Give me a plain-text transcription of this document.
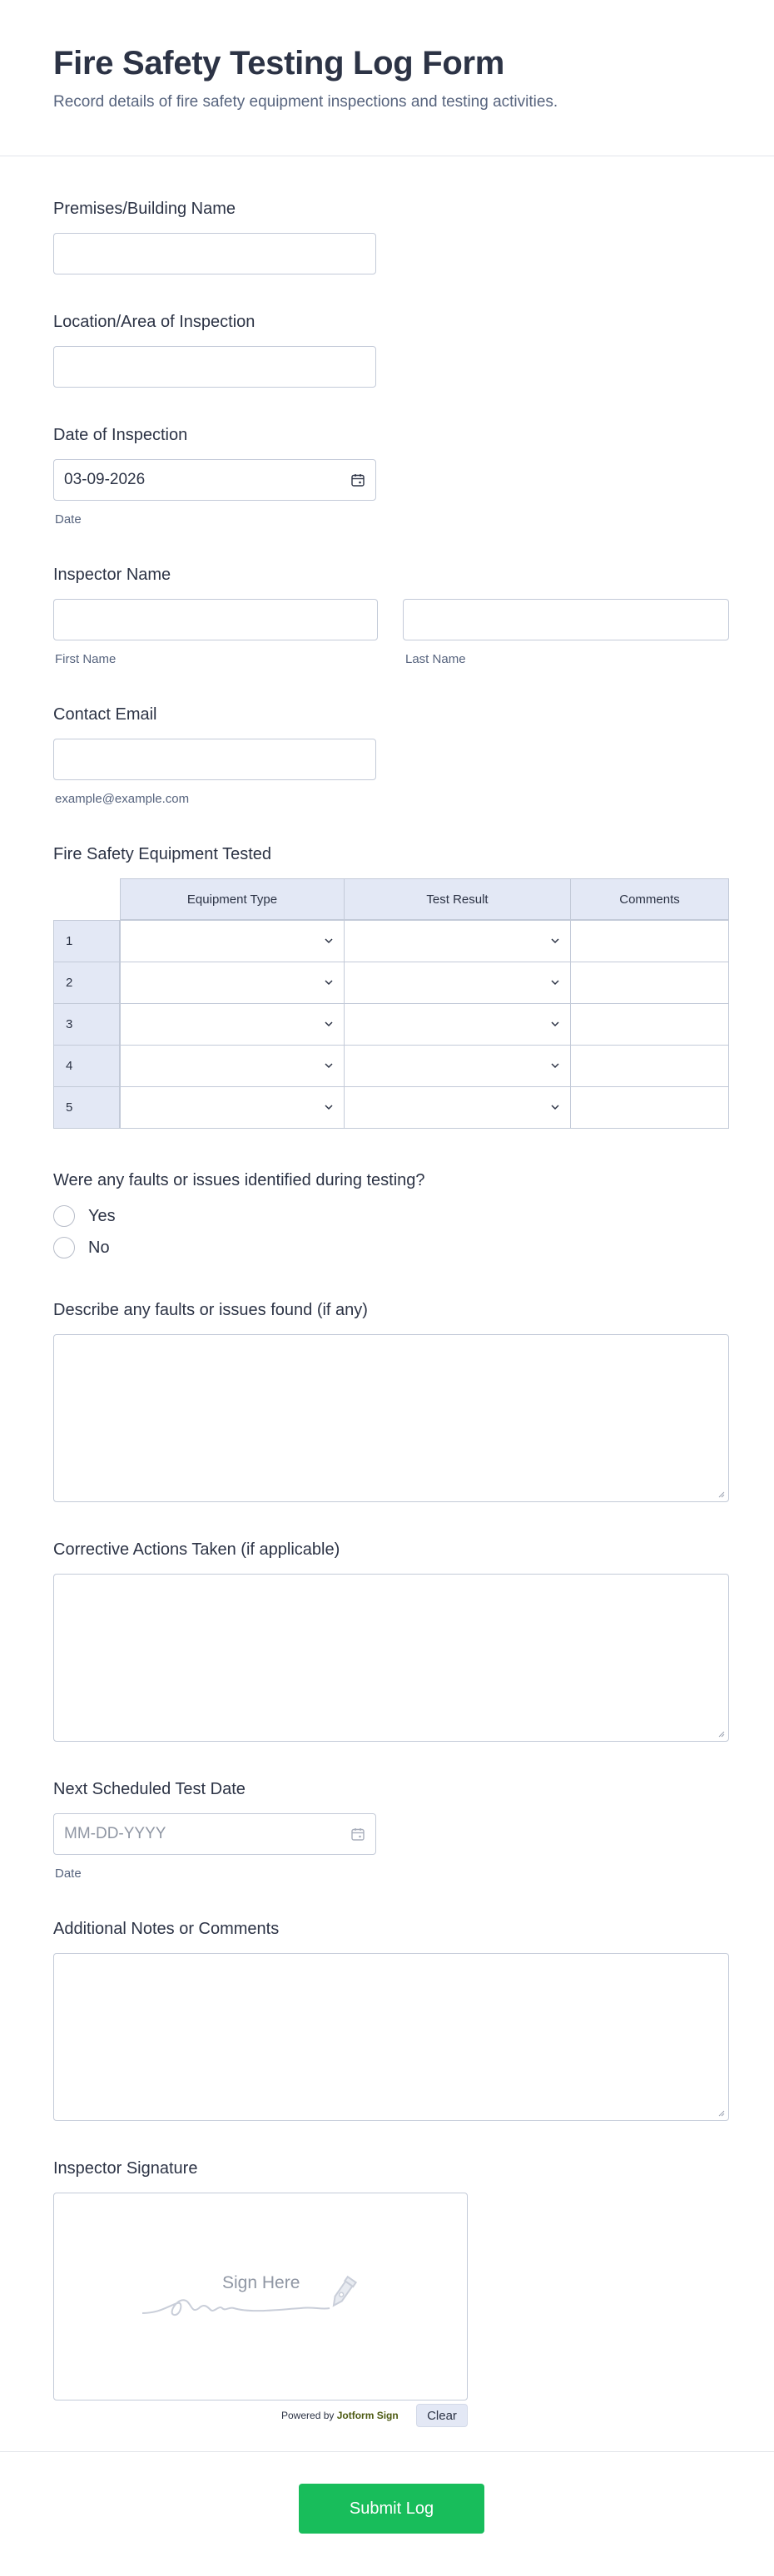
Fire Safety Testing Log Form

Record details of fire safety equipment inspections and testing activities.

Premises/Building Name
Location/Area of Inspection
Date of Inspection
03-09-2026
Date
Inspector Name
First Name	Last Name
Contact Email
example@example.com
Fire Safety Equipment Tested
Equipment Type	Test Result	Comments
1
2
3
4
5
Were any faults or issues identified during testing?
Yes
No
Describe any faults or issues found (if any)
Corrective Actions Taken (if applicable)
Next Scheduled Test Date
MM-DD-YYYY
Date
Additional Notes or Comments
Inspector Signature
Sign Here
Powered by Jotform Sign	Clear
Submit Log
